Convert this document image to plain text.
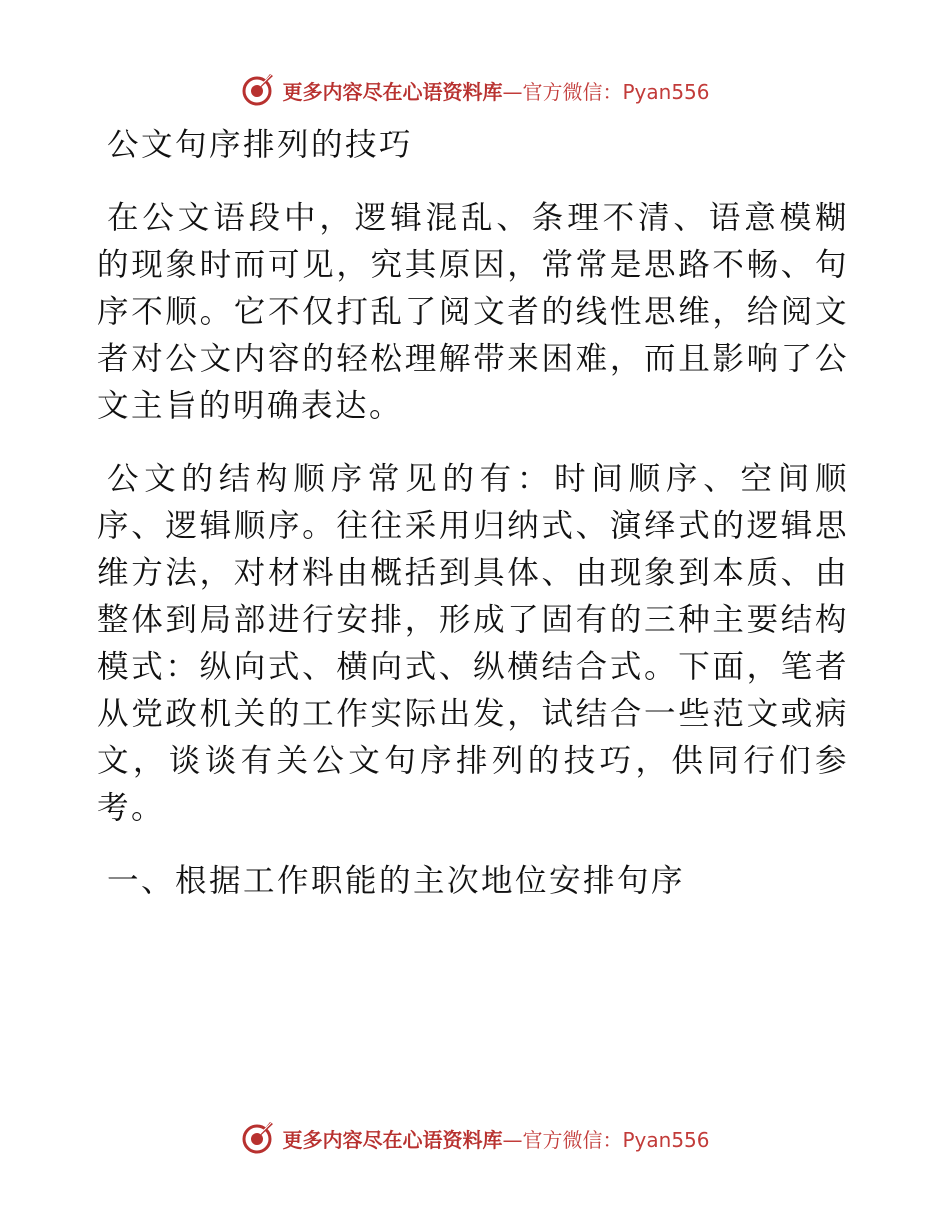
更多内容尽在心语资料库—官方微信：Pyan556

公文句序排列的技巧

在公文语段中，逻辑混乱、条理不清、语意模糊的现象时而可见，究其原因，常常是思路不畅、句序不顺。它不仅打乱了阅文者的线性思维，给阅文者对公文内容的轻松理解带来困难，而且影响了公文主旨的明确表达。

公文的结构顺序常见的有：时间顺序、空间顺序、逻辑顺序。往往采用归纳式、演绎式的逻辑思维方法，对材料由概括到具体、由现象到本质、由整体到局部进行安排，形成了固有的三种主要结构模式：纵向式、横向式、纵横结合式。下面，笔者从党政机关的工作实际出发，试结合一些范文或病文，谈谈有关公文句序排列的技巧，供同行们参考。

一、根据工作职能的主次地位安排句序

更多内容尽在心语资料库—官方微信：Pyan556
